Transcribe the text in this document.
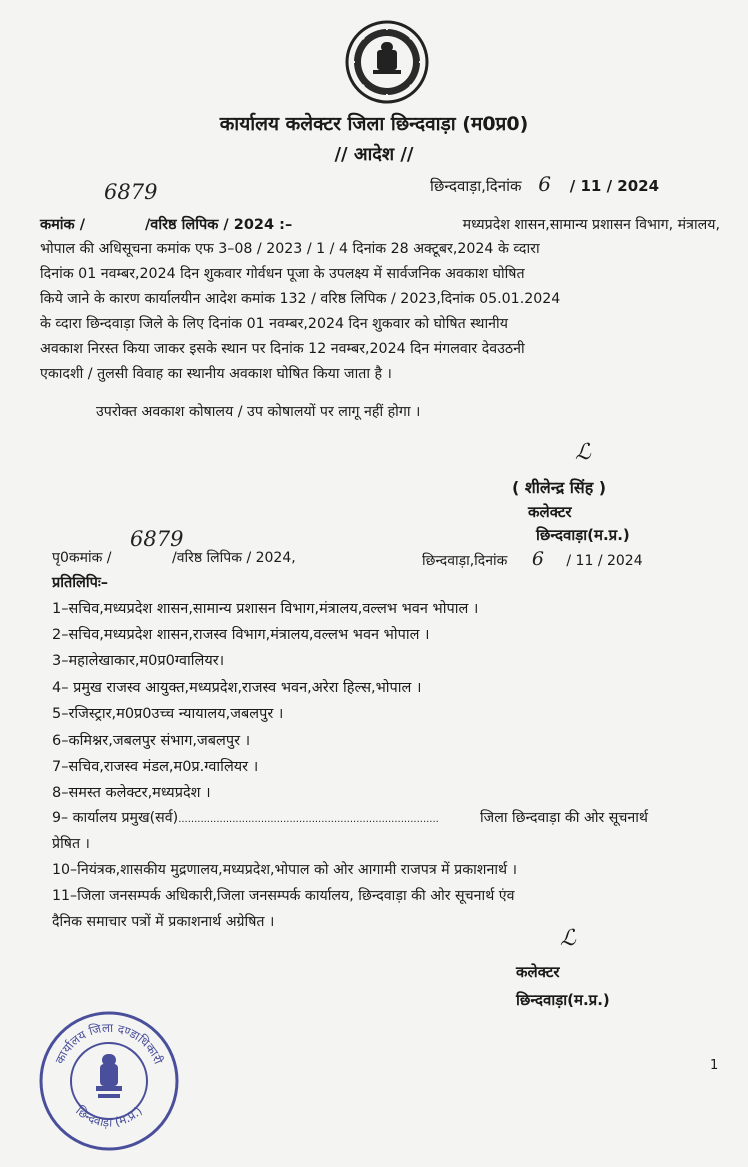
कार्यालय कलेक्टर जिला छिन्दवाड़ा (म0प्र0)
// आदेश //
छिन्दवाड़ा,दिनांक 6 / 11 / 2024
6879
कमांक /	/वरिष्ठ लिपिक / 2024 :–	मध्यप्रदेश शासन,सामान्य प्रशासन विभाग, मंत्रालय,
भोपाल की अधिसूचना कमांक एफ 3–08 / 2023 / 1 / 4 दिनांक 28 अक्टूबर,2024 के व्दारा
दिनांक 01 नवम्बर,2024 दिन शुकवार गोर्वधन पूजा के उपलक्ष्य में सार्वजनिक अवकाश घोषित
किये जाने के कारण कार्यालयीन आदेश कमांक 132 / वरिष्ठ लिपिक / 2023,दिनांक 05.01.2024
के व्दारा छिन्दवाड़ा जिले के लिए दिनांक 01 नवम्बर,2024 दिन शुकवार को घोषित स्थानीय
अवकाश निरस्त किया जाकर इसके स्थान पर दिनांक 12 नवम्बर,2024 दिन मंगलवार देवउठनी
एकादशी / तुलसी विवाह का स्थानीय अवकाश घोषित किया जाता है ।
उपरोक्त अवकाश कोषालय / उप कोषालयों पर लागू नहीं होगा ।
ℒ
( शीलेन्द्र सिंह )
कलेक्टर
छिन्दवाड़ा(म.प्र.)
6879
पृ0कमांक /	/वरिष्ठ लिपिक / 2024,	छिन्दवाड़ा,दिनांक 6 / 11 / 2024
प्रतिलिपिः–
1–सचिव,मध्यप्रदेश शासन,सामान्य प्रशासन विभाग,मंत्रालय,वल्लभ भवन भोपाल ।
2–सचिव,मध्यप्रदेश शासन,राजस्व विभाग,मंत्रालय,वल्लभ भवन भोपाल ।
3–महालेखाकार,म0प्र0ग्वालियर।
4– प्रमुख राजस्व आयुक्त,मध्यप्रदेश,राजस्व भवन,अरेरा हिल्स,भोपाल ।
5–रजिस्ट्रार,म0प्र0उच्च न्यायालय,जबलपुर ।
6–कमिश्नर,जबलपुर संभाग,जबलपुर ।
7–सचिव,राजस्व मंडल,म0प्र.ग्वालियर ।
8–समस्त कलेक्टर,मध्यप्रदेश ।
9– कार्यालय प्रमुख(सर्व)..................................................................................	जिला छिन्दवाड़ा की ओर सूचनार्थ
प्रेषित ।
10–नियंत्रक,शासकीय मुद्रणालय,मध्यप्रदेश,भोपाल को ओर आगामी राजपत्र में प्रकाशनार्थ ।
11–जिला जनसम्पर्क अधिकारी,जिला जनसम्पर्क कार्यालय, छिन्दवाड़ा की ओर सूचनार्थ एंव
दैनिक समाचार पत्रों में प्रकाशनार्थ अग्रेषित ।
ℒ
कलेक्टर
छिन्दवाड़ा(म.प्र.)
कार्यालय जिला दण्डाधिकारी
छिन्दवाड़ा (म.प्र.)
1
